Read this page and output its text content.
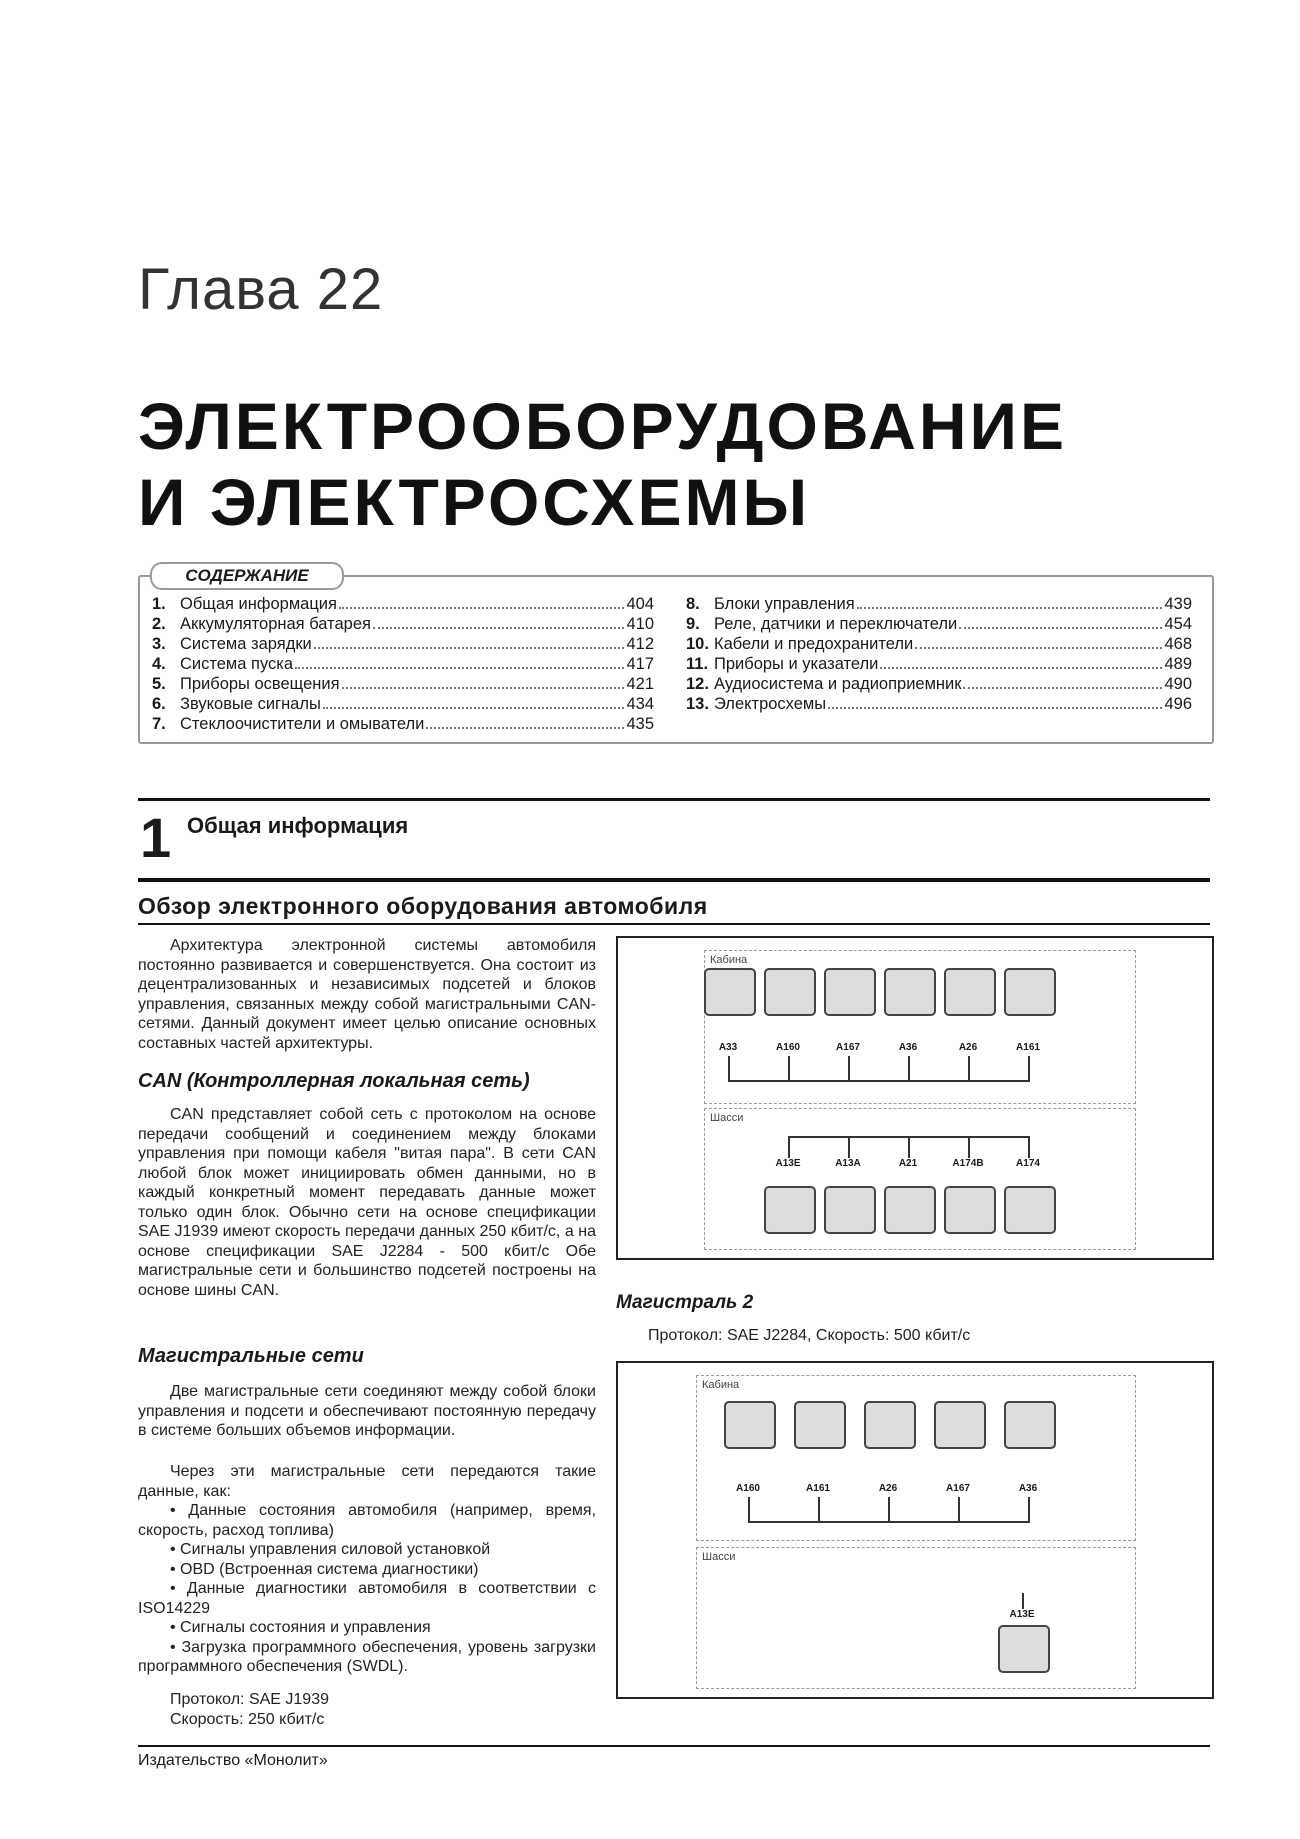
Глава 22
ЭЛЕКТРООБОРУДОВАНИЕ
И ЭЛЕКТРОСХЕМЫ
СОДЕРЖАНИЕ
1. Общая информация	404
2. Аккумуляторная батарея	410
3. Система зарядки	412
4. Система пуска	417
5. Приборы освещения	421
6. Звуковые сигналы	434
7. Стеклоочистители и омыватели	435
8. Блоки управления	439
9. Реле, датчики и переключатели	454
10. Кабели и предохранители	468
11. Приборы и указатели	489
12. Аудиосистема и радиоприемник	490
13. Электросхемы	496
1 Общая информация
Обзор электронного оборудования автомобиля
Архитектура электронной системы автомобиля постоянно развивается и совершенствуется. Она состоит из децентрализованных и независимых подсетей и блоков управления, связанных между собой магистральными CAN-сетями. Данный документ имеет целью описание основных составных частей архитектуры.
CAN (Контроллерная локальная сеть)
CAN представляет собой сеть с протоколом на основе передачи сообщений и соединением между блоками управления при помощи кабеля "витая пара". В сети CAN любой блок может инициировать обмен данными, но в каждый конкретный момент передавать данные может только один блок. Обычно сети на основе спецификации SAE J1939 имеют скорость передачи данных 250 кбит/с, а на основе спецификации SAE J2284 - 500 кбит/с Обе магистральные сети и большинство подсетей построены на основе шины CAN.
Магистральные сети
Две магистральные сети соединяют между собой блоки управления и подсети и обеспечивают постоянную передачу в системе больших объемов информации.
Через эти магистральные сети передаются такие данные, как:
• Данные состояния автомобиля (например, время, скорость, расход топлива)
• Сигналы управления силовой установкой
• OBD (Встроенная система диагностики)
• Данные диагностики автомобиля в соответствии с ISO14229
• Сигналы состояния и управления
• Загрузка программного обеспечения, уровень загрузки программного обеспечения (SWDL).
Протокол: SAE J1939
Скорость: 250 кбит/с
Кабина
Шасси
A33	A160	A167	A36	A26	A161
A13E	A13A	A21	A174B	A174
Магистраль 2
Протокол: SAE J2284, Скорость: 500 кбит/с
Кабина
Шасси
A160	A161	A26	A167	A36
A13E
Издательство «Монолит»
